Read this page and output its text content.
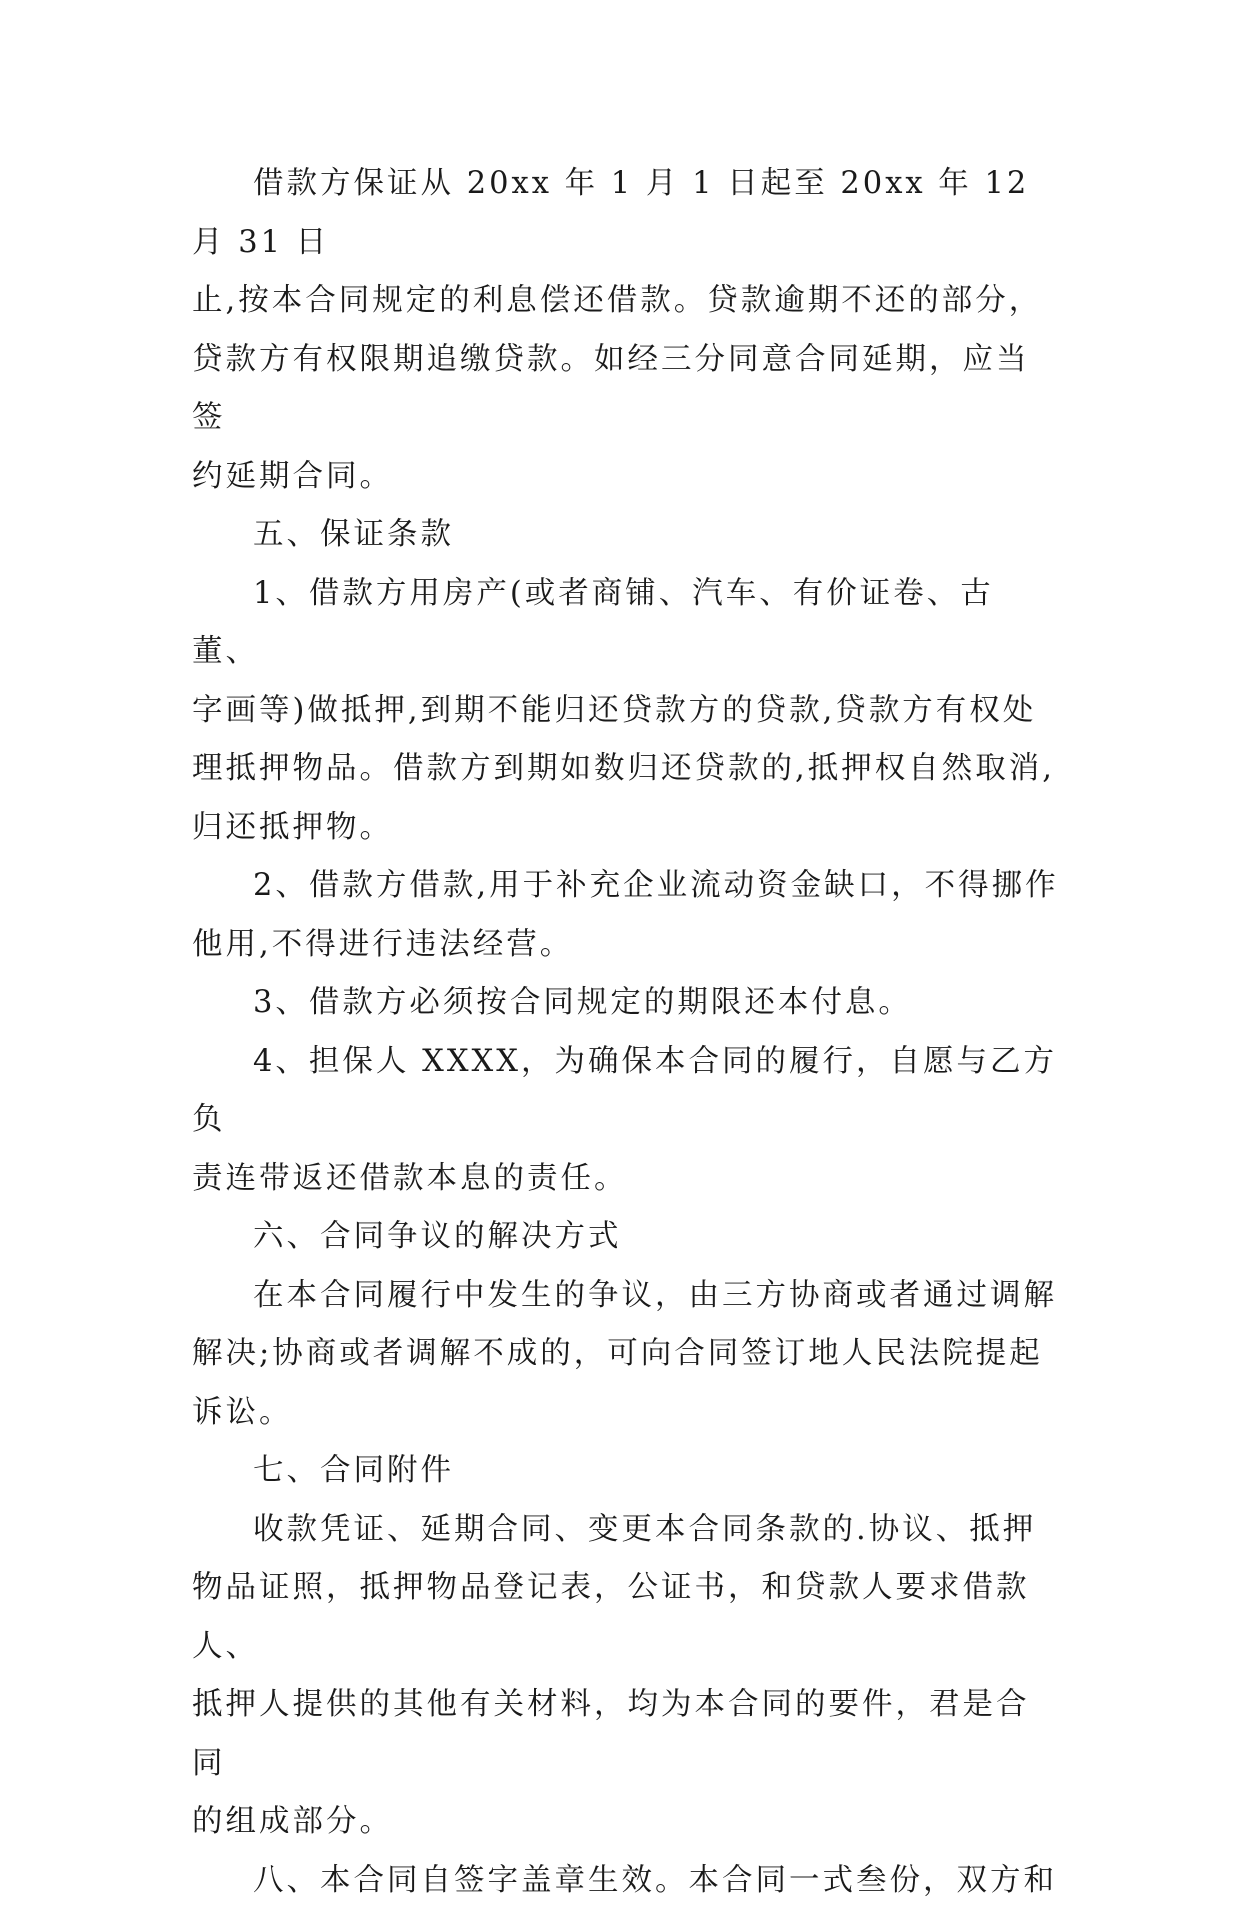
借款方保证从 20xx 年 1 月 1 日起至 20xx 年 12 月 31 日
止,按本合同规定的利息偿还借款。贷款逾期不还的部分，
贷款方有权限期追缴贷款。如经三分同意合同延期，应当签
约延期合同。

五、保证条款

1、借款方用房产(或者商铺、汽车、有价证卷、古董、
字画等)做抵押,到期不能归还贷款方的贷款,贷款方有权处
理抵押物品。借款方到期如数归还贷款的,抵押权自然取消,
归还抵押物。

2、借款方借款,用于补充企业流动资金缺口，不得挪作
他用,不得进行违法经营。

3、借款方必须按合同规定的期限还本付息。

4、担保人 XXXX，为确保本合同的履行，自愿与乙方负
责连带返还借款本息的责任。

六、合同争议的解决方式

在本合同履行中发生的争议，由三方协商或者通过调解
解决;协商或者调解不成的，可向合同签订地人民法院提起
诉讼。

七、合同附件

收款凭证、延期合同、变更本合同条款的.协议、抵押
物品证照，抵押物品登记表，公证书，和贷款人要求借款人、
抵押人提供的其他有关材料，均为本合同的要件，君是合同
的组成部分。

八、本合同自签字盖章生效。本合同一式叁份，双方和
